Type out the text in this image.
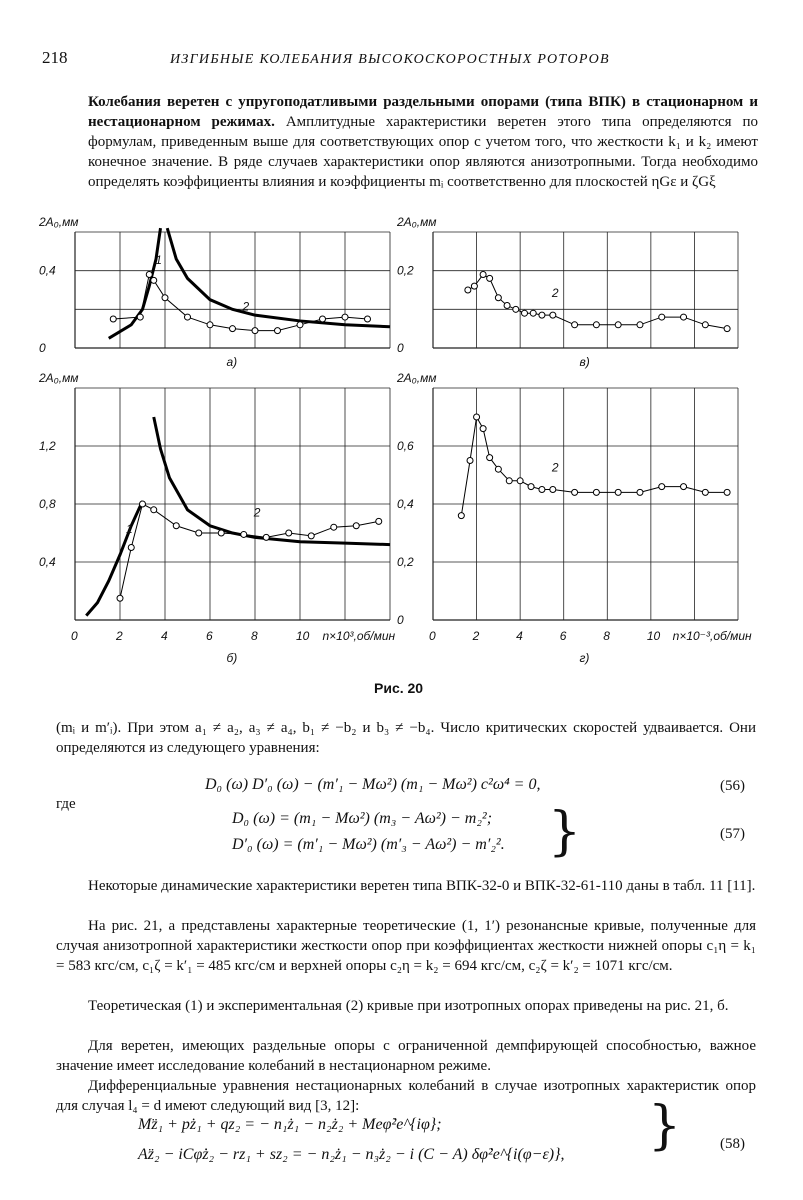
218	ИЗГИБНЫЕ КОЛЕБАНИЯ ВЫСОКОСКОРОСТНЫХ РОТОРОВ
Колебания веретен с упругоподатливыми раздельными опорами (типа ВПК) в стационарном и нестационарном режимах. Амплитудные характеристики веретен этого типа определяются по формулам, приведенным выше для соответствующих опор с учетом того, что жесткости k₁ и k₂ имеют конечное значение. В ряде случаев характеристики опор являются анизотропными. Тогда необходимо определять коэффициенты влияния и коэффициенты mᵢ соответственно для плоскостей ηGε и ζGξ
0
0,4
2A₀,мм
а)
1
2
0
0,2
2A₀,мм
в)
2
0,4
0,8
1,2
2A₀,мм
0	2	4	6	8	10 n×10³,об/мин
б)
1
2
0
0,2
0,4
0,6
2A₀,мм
0	2	4	6	8	10 n×10⁻³,об/мин
г)
2
Рис. 20
(mᵢ и m′ᵢ). При этом a₁ ≠ a₂, a₃ ≠ a₄, b₁ ≠ −b₂ и b₃ ≠ −b₄. Число критических скоростей удваивается. Они определяются из следующего уравнения:
D₀ (ω) D′₀ (ω) − (m′₁ − Mω²) (m₁ − Mω²) c²ω⁴ = 0,	(56)
где
D₀ (ω) = (m₁ − Mω²) (m₃ − Aω²) − m₂²;
D′₀ (ω) = (m′₁ − Mω²) (m′₃ − Aω²) − m′₂². }	(57)
Некоторые динамические характеристики веретен типа ВПК-32-0 и ВПК-32-61-110 даны в табл. 11 [11].
На рис. 21, а представлены характерные теоретические (1, 1′) резонансные кривые, полученные для случая анизотропной характеристики жесткости опор при коэффициентах жесткости нижней опоры c₁η = k₁ = 583 кгс/см, c₁ζ = k′₁ = 485 кгс/см и верхней опоры c₂η = k₂ = 694 кгс/см, c₂ζ = k′₂ = 1071 кгс/см.
Теоретическая (1) и экспериментальная (2) кривые при изотропных опорах приведены на рис. 21, б.
Для веретен, имеющих раздельные опоры с ограниченной демпфирующей способностью, важное значение имеет исследование колебаний в нестационарном режиме.
Дифференциальные уравнения нестационарных колебаний в случае изотропных характеристик опор для случая l₄ = d имеют следующий вид [3, 12]:
Mz̈₁ + pż₁ + qz₂ = − n₁ż₁ − n₂ż₂ + Meφ̇²e^{iφ};
Az̈₂ − iCφ̇ż₂ − rz₁ + sz₂ = − n₂ż₁ − n₃ż₂ − i (C − A) δφ̇²e^{i(φ−ε)}, }	(58)
